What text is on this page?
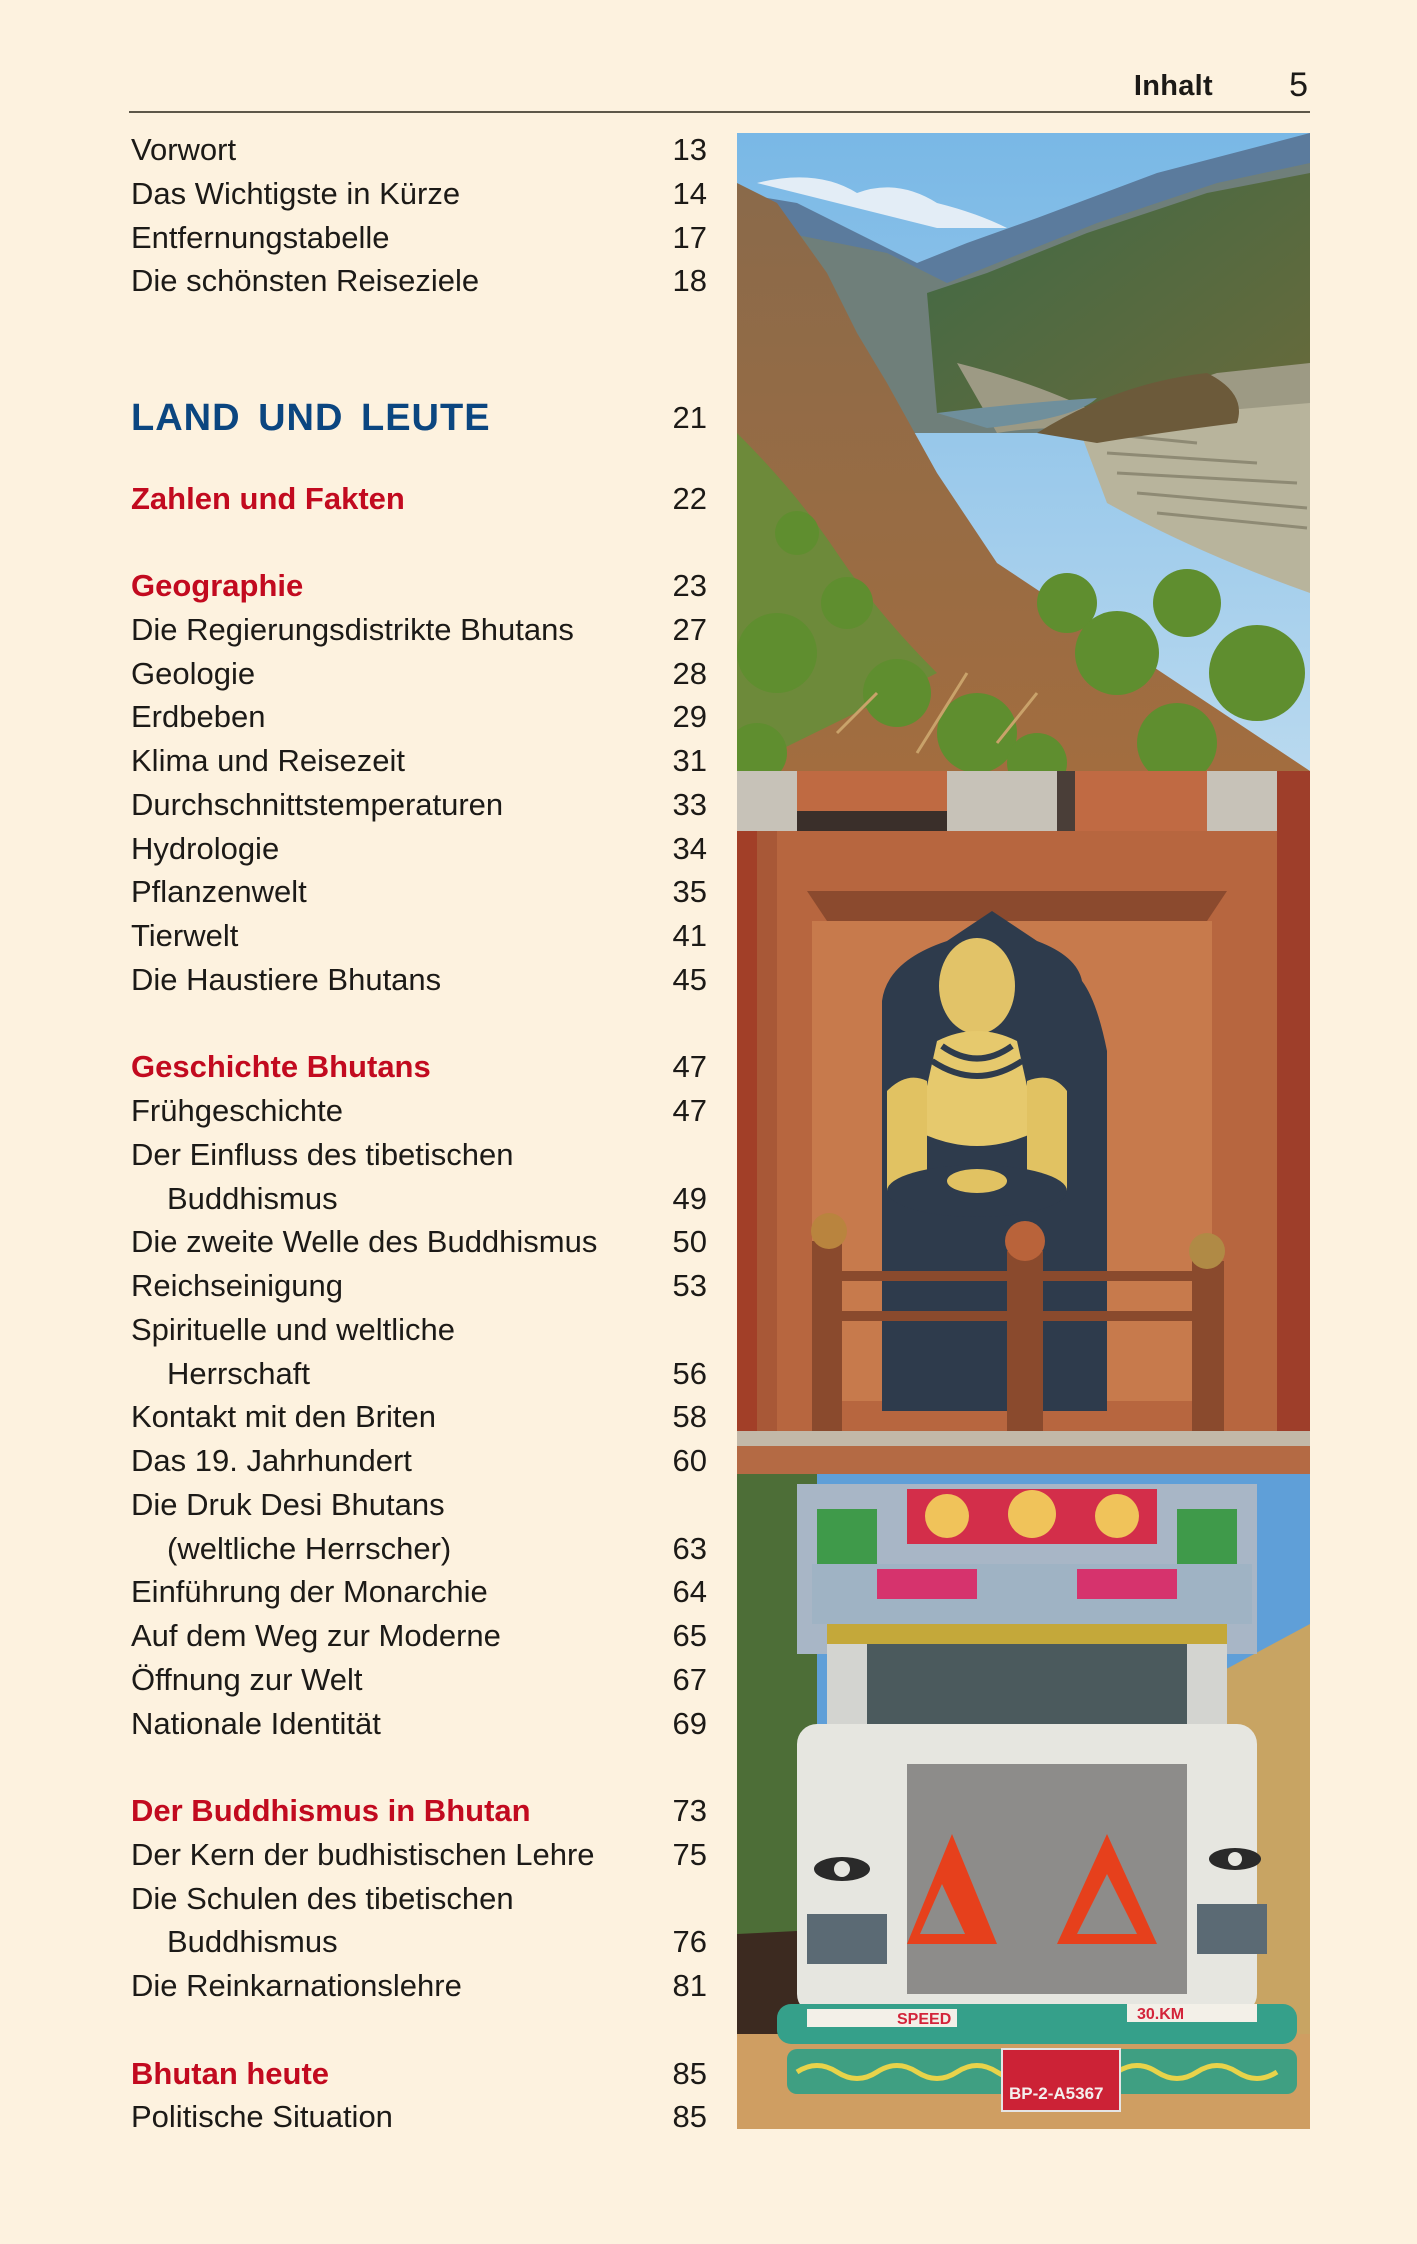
Inhalt 5
Vorwort	13
Das Wichtigste in Kürze	14
Entfernungstabelle	17
Die schönsten Reiseziele	18
LAND UND LEUTE	21
Zahlen und Fakten	22
Geographie	23
Die Regierungsdistrikte Bhutans	27
Geologie	28
Erdbeben	29
Klima und Reisezeit	31
Durchschnittstemperaturen	33
Hydrologie	34
Pflanzenwelt	35
Tierwelt	41
Die Haustiere Bhutans	45
Geschichte Bhutans	47
Frühgeschichte	47
Der Einfluss des tibetischen
Buddhismus	49
Die zweite Welle des Buddhismus 50
Reichseinigung	53
Spirituelle und weltliche
Herrschaft	56
Kontakt mit den Briten	58
Das 19. Jahrhundert	60
Die Druk Desi Bhutans
(weltliche Herrscher)	63
Einführung der Monarchie	64
Auf dem Weg zur Moderne	65
Öffnung zur Welt	67
Nationale Identität	69
Der Buddhismus in Bhutan	73
Der Kern der budhistischen Lehre	75
Die Schulen des tibetischen
Buddhismus	76
Die Reinkarnationslehre	81
Bhutan heute	85
Politische Situation	85
SPEED	30.KM
BP-2-A5367
